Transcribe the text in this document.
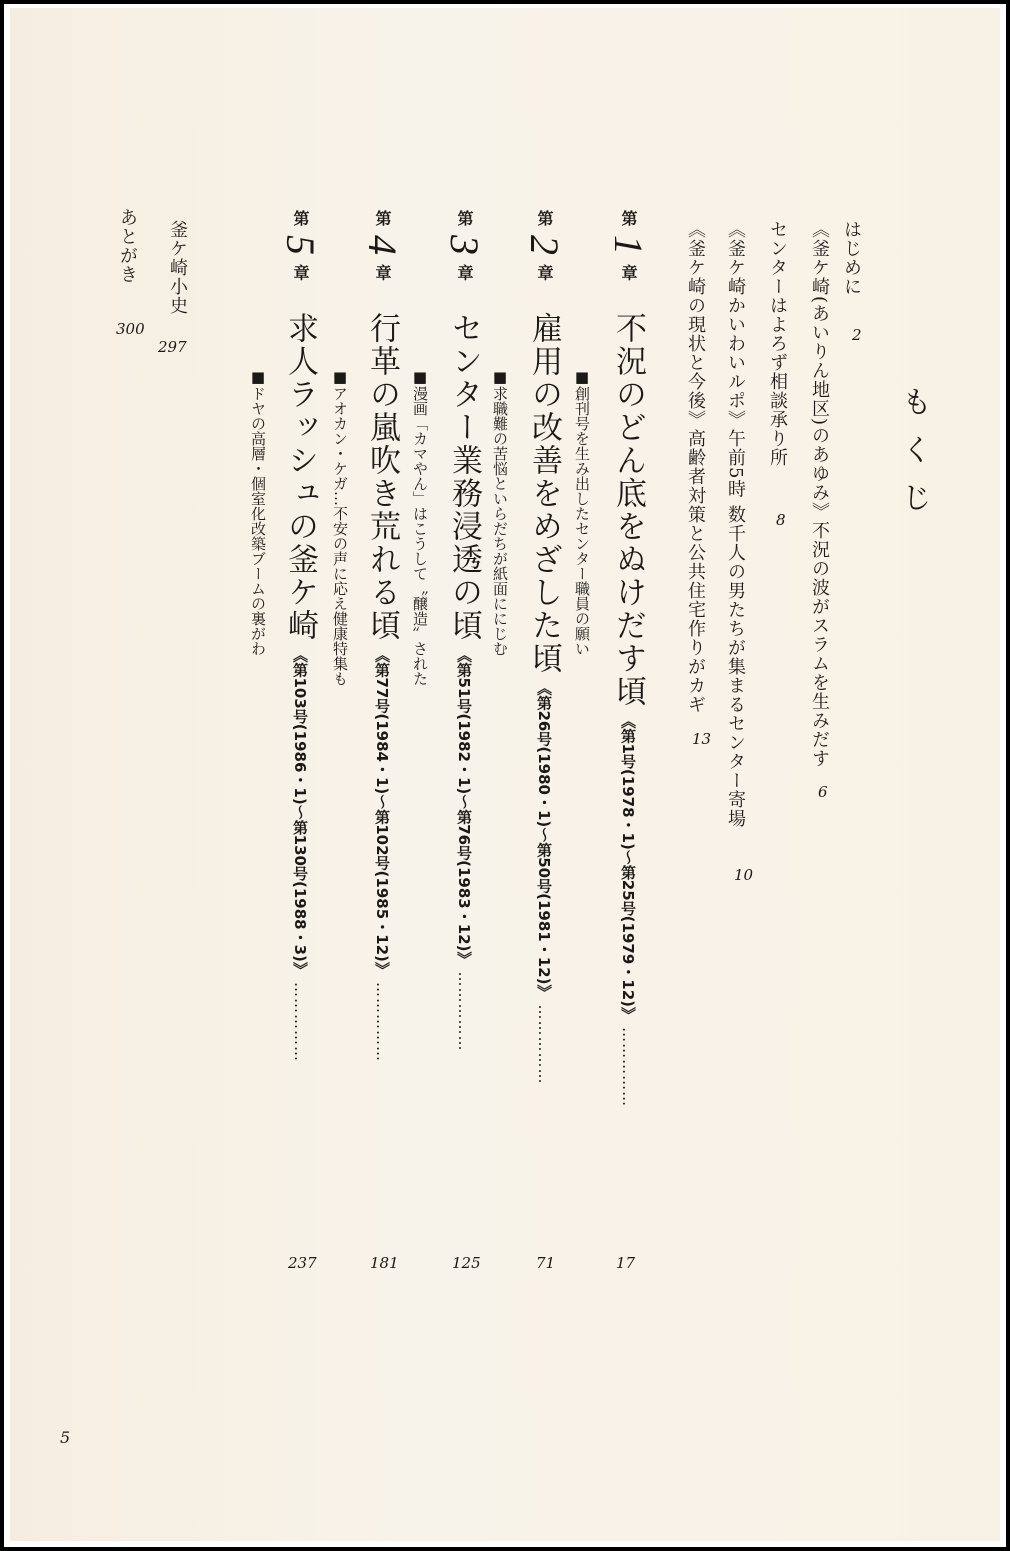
もくじ
はじめに
2
《釜ケ崎(あいりん地区)のあゆみ》不況の波がスラムを生みだす
6
センターはよろず相談承り所
8
《釜ケ崎かいわいルポ》午前5時 数千人の男たちが集まるセンター寄場
10
《釜ケ崎の現状と今後》高齢者対策と公共住宅作りがカギ
13
第 1 章  不況のどん底をぬけだす頃 《第1号(1978・1)〜第25号(1979・12)》 ……………
■創刊号を生み出したセンター職員の願い
17
第 2 章  雇用の改善をめざした頃 《第26号(1980・1)〜第50号(1981・12)》 ……………
■求職難の苦悩といらだちが紙面ににじむ
71
第 3 章  センター業務浸透の頃 《第51号(1982・1)〜第76号(1983・12)》 ……………
■漫画「カマやん」はこうして〝醸造〟された
125
第 4 章  行革の嵐吹き荒れる頃 《第77号(1984・1)〜第102号(1985・12)》 ……………
■アオカン・ケガ…不安の声に応え健康特集も
181
第 5 章  求人ラッシュの釜ケ崎 《第103号(1986・1)〜第130号(1988・3)》 ……………
■ドヤの高層・個室化改築ブームの裏がわ
237
釜ケ崎小史
297
あとがき
300
5
